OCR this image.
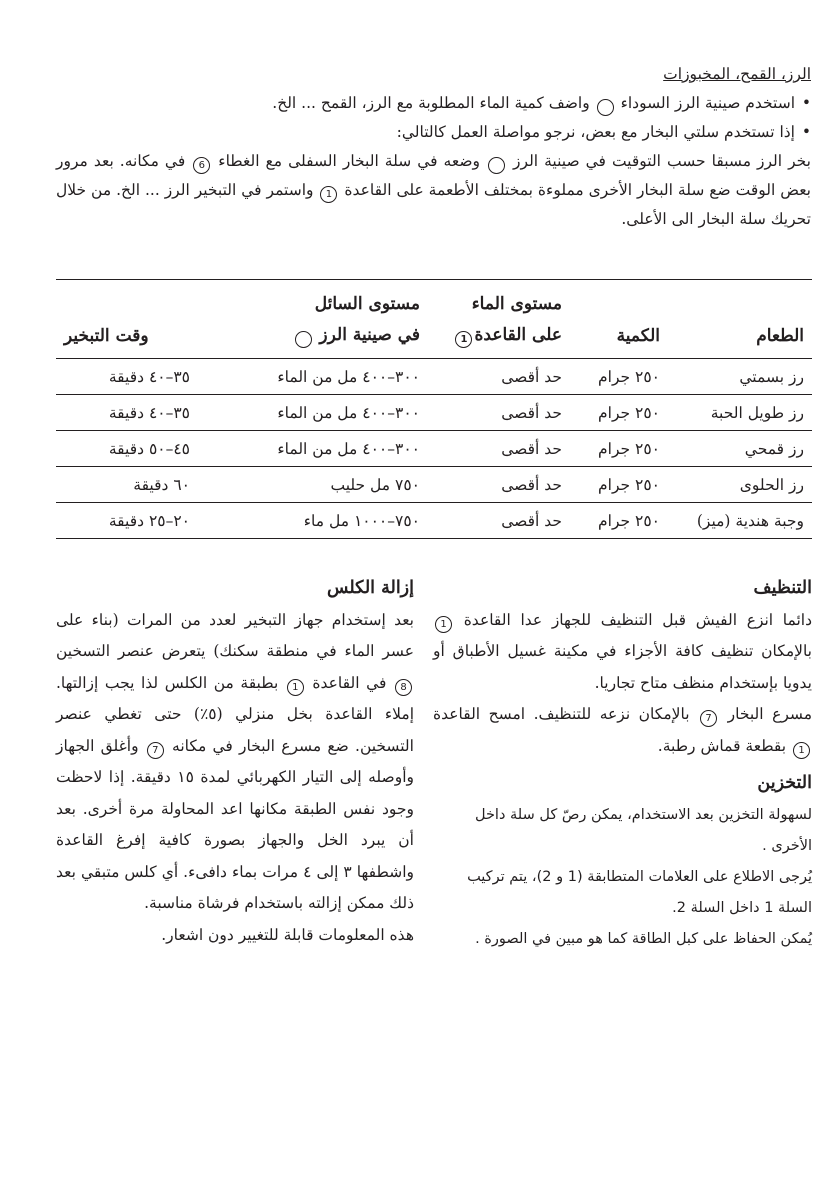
الرز، القمح، المخبوزات
•
استخدم صينية الرز السوداء   واضف كمية الماء المطلوبة مع الرز، القمح ... الخ.
•
إذا تستخدم سلتي البخار مع بعض، نرجو مواصلة العمل كالتالي:
بخر الرز مسبقا حسب التوقيت في صينية الرز   وضعه في سلة البخار السفلى مع الغطاء 6 في مكانه. بعد مرور بعض الوقت ضع سلة البخار الأخرى مملوءة بمختلف الأطعمة على القاعدة 1 واستمر في التبخير الرز ... الخ. من خلال تحريك سلة البخار الى الأعلى.
		مستوى الماء	مستوى السائل	
الطعام	الكمية	على القاعدة1	في صينية الرز	وقت التبخير
رز بسمتي	٢٥٠ جرام	حد أقصى	٣٠٠–٤٠٠ مل من الماء	٣٥–٤٠ دقيقة
رز طويل الحبة	٢٥٠ جرام	حد أقصى	٣٠٠–٤٠٠ مل من الماء	٣٥–٤٠ دقيقة
رز قمحي	٢٥٠ جرام	حد أقصى	٣٠٠–٤٠٠ مل من الماء	٤٥–٥٠ دقيقة
رز الحلوى	٢٥٠ جرام	حد أقصى	٧٥٠ مل حليب	٦٠ دقيقة
وجبة هندية (ميز)	٢٥٠ جرام	حد أقصى	٧٥٠–١٠٠٠ مل ماء	٢٠–٢٥ دقيقة
التنظيف
دائما انزع الفيش قبل التنظيف للجهاز عدا القاعدة 1 بالإمكان تنظيف كافة الأجزاء في مكينة غسيل الأطباق أو يدويا بإستخدام منظف متاح تجاريا.
مسرع البخار 7 بالإمكان نزعه للتنظيف. امسح القاعدة 1 بقطعة قماش رطبة.
التخزين
لسهولة التخزين بعد الاستخدام، يمكن رصّ كل سلة داخل الأخرى .
يُرجى الاطلاع على العلامات المتطابقة (1 و 2)، يتم تركيب السلة 1 داخل السلة 2.
يُمكن الحفاظ على كبل الطاقة كما هو مبين في الصورة .
إزالة الكلس
بعد إستخدام جهاز التبخير لعدد من المرات (بناء على عسر الماء في منطقة سكنك) يتعرض عنصر التسخين 8 في القاعدة 1 بطبقة من الكلس لذا يجب إزالتها. إملاء القاعدة بخل منزلي (٥٪) حتى تغطي عنصر التسخين. ضع مسرع البخار في مكانه 7 وأغلق الجهاز وأوصله إلى التيار الكهربائي لمدة ١٥ دقيقة. إذا لاحظت وجود نفس الطبقة مكانها اعد المحاولة مرة أخرى. بعد أن يبرد الخل والجهاز بصورة كافية إفرغ القاعدة واشطفها ٣ إلى ٤ مرات بماء دافىء. أي كلس متبقي بعد ذلك ممكن إزالته باستخدام فرشاة مناسبة.
هذه المعلومات قابلة للتغيير دون اشعار.
